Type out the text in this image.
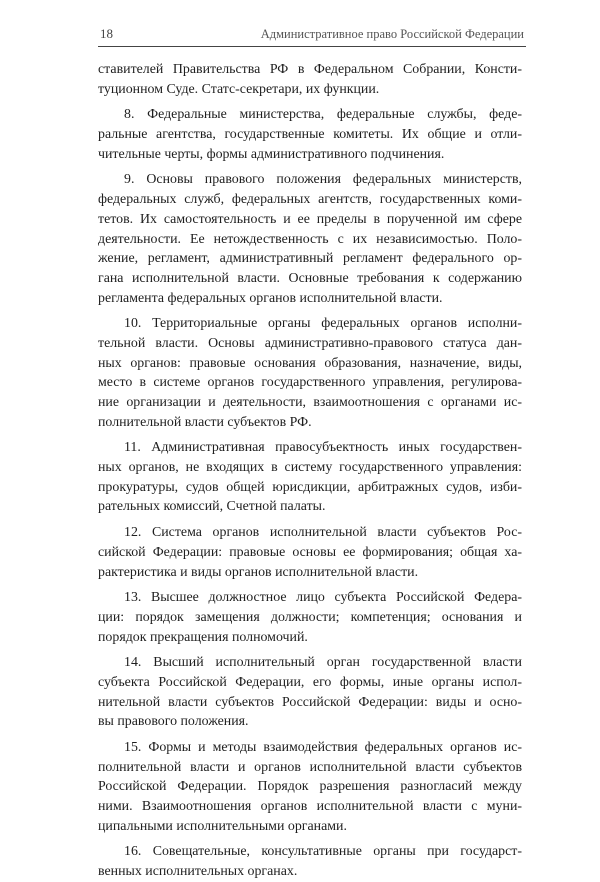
18	Административное право Российской Федерации
ставителей Правительства РФ в Федеральном Собрании, Консти-
туционном Суде. Статс-секретари, их функции.
8. Федеральные министерства, федеральные службы, феде-
ральные агентства, государственные комитеты. Их общие и отли-
чительные черты, формы административного подчинения.
9. Основы правового положения федеральных министерств,
федеральных служб, федеральных агентств, государственных коми-
тетов. Их самостоятельность и ее пределы в порученной им сфере
деятельности. Ее нетождественность с их независимостью. Поло-
жение, регламент, административный регламент федерального ор-
гана исполнительной власти. Основные требования к содержанию
регламента федеральных органов исполнительной власти.
10. Территориальные органы федеральных органов исполни-
тельной власти. Основы административно-правового статуса дан-
ных органов: правовые основания образования, назначение, виды,
место в системе органов государственного управления, регулирова-
ние организации и деятельности, взаимоотношения с органами ис-
полнительной власти субъектов РФ.
11. Административная правосубъектность иных государствен-
ных органов, не входящих в систему государственного управления:
прокуратуры, судов общей юрисдикции, арбитражных судов, изби-
рательных комиссий, Счетной палаты.
12. Система органов исполнительной власти субъектов Рос-
сийской Федерации: правовые основы ее формирования; общая ха-
рактеристика и виды органов исполнительной власти.
13. Высшее должностное лицо субъекта Российской Федера-
ции: порядок замещения должности; компетенция; основания и
порядок прекращения полномочий.
14. Высший исполнительный орган государственной власти
субъекта Российской Федерации, его формы, иные органы испол-
нительной власти субъектов Российской Федерации: виды и осно-
вы правового положения.
15. Формы и методы взаимодействия федеральных органов ис-
полнительной власти и органов исполнительной власти субъектов
Российской Федерации. Порядок разрешения разногласий между
ними. Взаимоотношения органов исполнительной власти с муни-
ципальными исполнительными органами.
16. Совещательные, консультативные органы при государст-
венных исполнительных органах.
